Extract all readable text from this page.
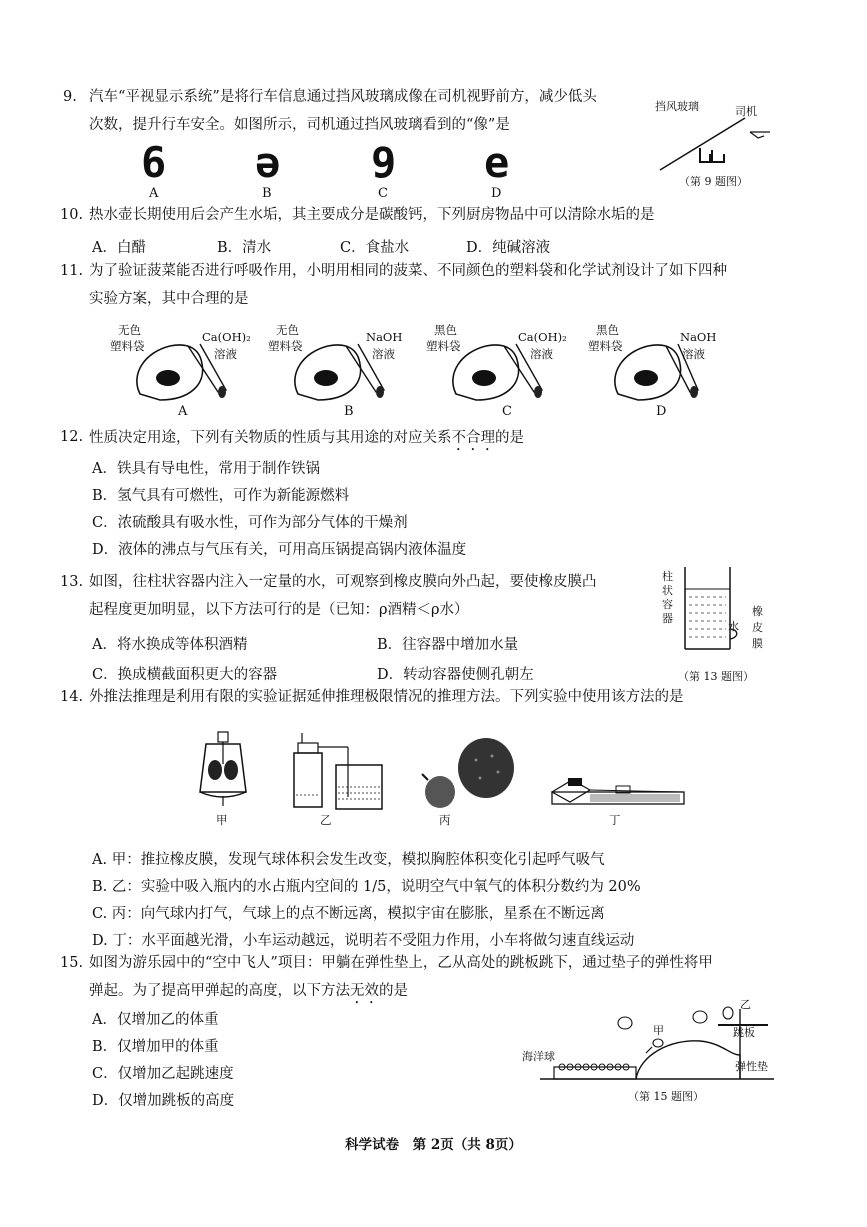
9. 汽车“平视显示系统”是将行车信息通过挡风玻璃成像在司机视野前方，减少低头
次数，提升行车安全。如图所示，司机通过挡风玻璃看到的“像”是
6 ə 9 e
A	B	C	D
挡风玻璃	司机
（第 9 题图）
10. 热水壶长期使用后会产生水垢，其主要成分是碳酸钙，下列厨房物品中可以清除水垢的是
A．白醋	B．清水	C．食盐水	D．纯碱溶液
11. 为了验证菠菜能否进行呼吸作用，小明用相同的菠菜、不同颜色的塑料袋和化学试剂设计了如下四种
实验方案，其中合理的是
无色
塑料袋
Ca(OH)₂
溶液
A
无色
塑料袋
NaOH
溶液
B
黑色
塑料袋
Ca(OH)₂
溶液
C
黑色
塑料袋
NaOH
溶液
D
12. 性质决定用途，下列有关物质的性质与其用途的对应关系不合理的是
A．铁具有导电性，常用于制作铁锅
B．氢气具有可燃性，可作为新能源燃料
C．浓硫酸具有吸水性，可作为部分气体的干燥剂
D．液体的沸点与气压有关，可用高压锅提高锅内液体温度
13. 如图，往柱状容器内注入一定量的水，可观察到橡皮膜向外凸起，要使橡皮膜凸
起程度更加明显，以下方法可行的是（已知：ρ酒精＜ρ水）
A．将水换成等体积酒精	B．往容器中增加水量
C．换成横截面积更大的容器	D．转动容器使侧孔朝左
柱状容器
水
橡皮膜
（第 13 题图）
14. 外推法推理是利用有限的实验证据延伸推理极限情况的推理方法。下列实验中使用该方法的是
甲	乙	丙	丁
A. 甲：推拉橡皮膜，发现气球体积会发生改变，模拟胸腔体积变化引起呼气吸气
B. 乙：实验中吸入瓶内的水占瓶内空间的 1/5，说明空气中氧气的体积分数约为 20%
C. 丙：向气球内打气，气球上的点不断远离，模拟宇宙在膨胀，星系在不断远离
D. 丁：水平面越光滑，小车运动越远，说明若不受阻力作用，小车将做匀速直线运动
15. 如图为游乐园中的“空中飞人”项目：甲躺在弹性垫上，乙从高处的跳板跳下，通过垫子的弹性将甲
弹起。为了提高甲弹起的高度，以下方法无效的是
A．仅增加乙的体重
B．仅增加甲的体重
C．仅增加乙起跳速度
D．仅增加跳板的高度
海洋球
甲
乙
跳板
弹性垫
（第 15 题图）
科学试卷　第 2页（共 8页）
